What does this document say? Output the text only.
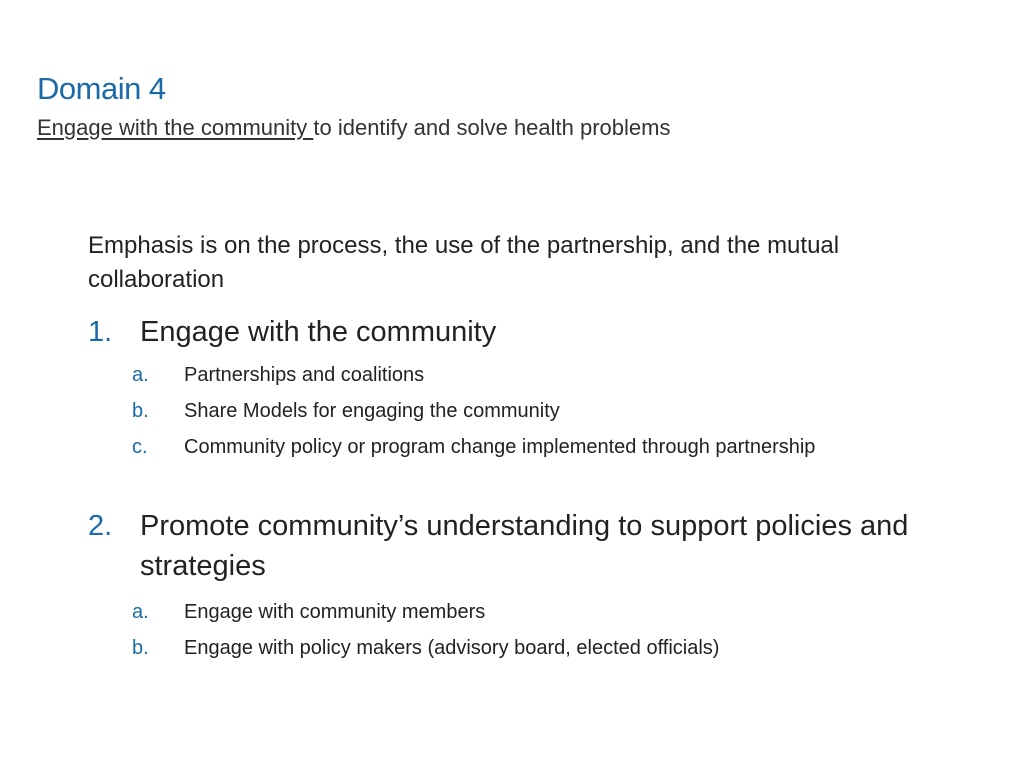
Domain 4

Engage with the community to identify and solve health problems

Emphasis is on the process, the use of the partnership, and the mutual collaboration

1. Engage with the community
a. Partnerships and coalitions
b. Share Models for engaging the community
c. Community policy or program change implemented through partnership
2. Promote community’s understanding to support policies and strategies
a. Engage with community members
b. Engage with policy makers (advisory board, elected officials)
